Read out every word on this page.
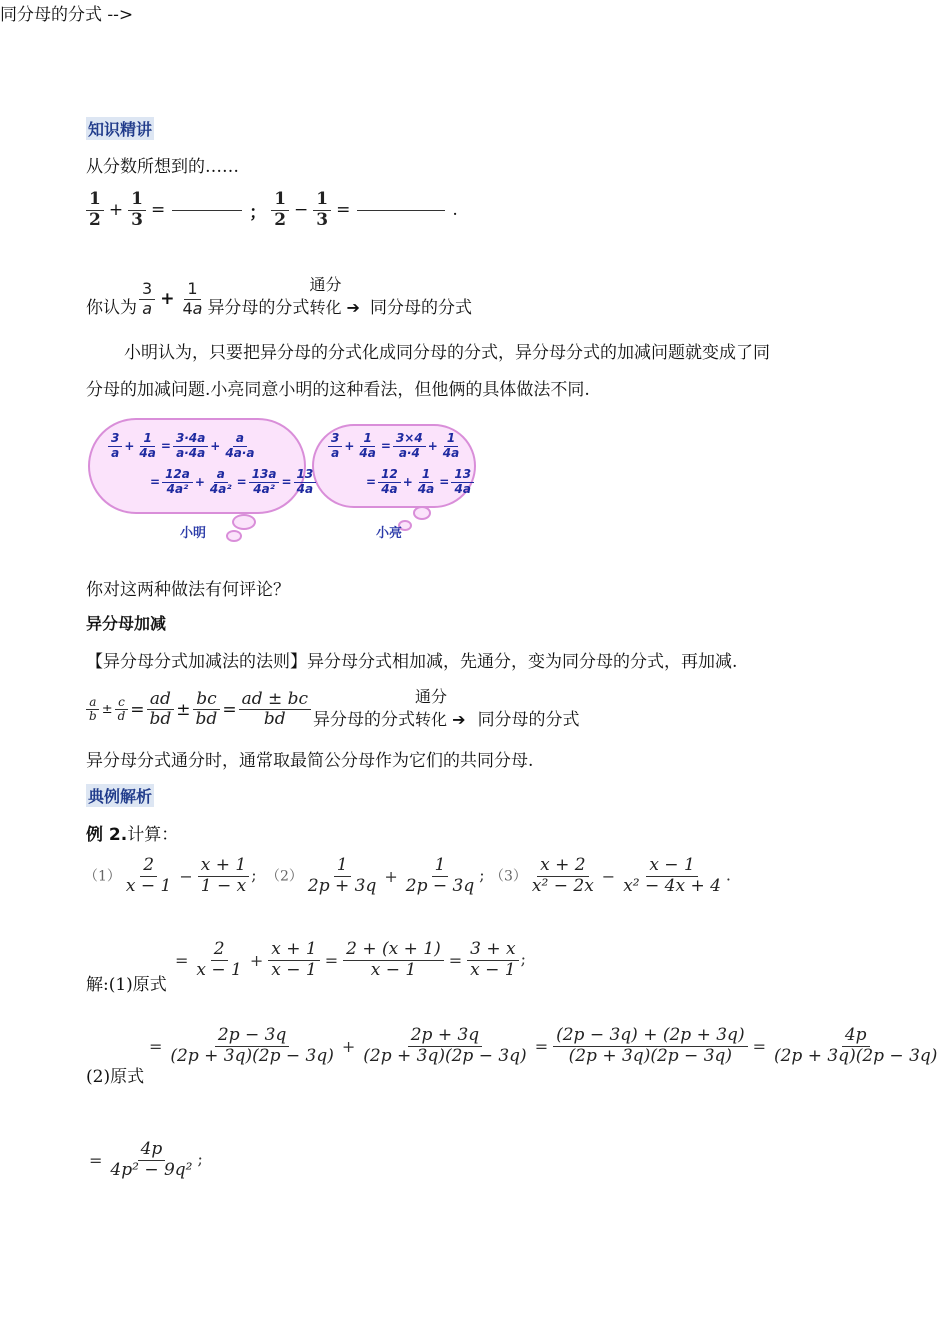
知识精讲
从分数所想到的……
$\frac{1}{2} + \frac{1}{3}$ =	； $\frac{1}{2} - \frac{1}{3}$ =	.
同分母的分式 -->
你认为 $\frac{3}{a} + \frac{1}{4a}$ 异分母的分式
通分
转化 ➔ 同分母的分式
小明认为，只要把异分母的分式化成同分母的分式，异分母分式的加减问题就变成了同
分母的加减问题.小亮同意小明的这种看法，但他俩的具体做法不同.
$\frac{3}{a} + \frac{1}{4a} = \frac{3\cdot 4a}{a\cdot 4a} + \frac{a}{4a\cdot a}$
= $\frac{12a}{\text{4a²}} + \frac{a}{\text{4a²}} = \frac{13a}{\text{4a²}} = \frac{13}{4a}$
$\frac{3}{a} + \frac{1}{4a} = \frac{3\times 4}{a\cdot 4} + \frac{1}{4a}$
= $\frac{12}{4a} + \frac{1}{4a} = \frac{13}{4a}$
小明	小亮
你对这两种做法有何评论？
异分母加减
【异分母分式加减法的法则】异分母分式相加减，先通分，变为同分母的分式，再加减.
$\frac{a}{b} \pm \frac{c}{d} = \frac{ad}{bd} \pm \frac{bc}{bd} = \frac{ad \pm bc}{bd}$ 异分母的分式
通分
转化 ➔ 同分母的分式
异分母分式通分时，通常取最简公分母作为它们的共同分母.
典例解析
例 2.计算：
$(1) \frac{2}{x - 1} - \frac{x + 1}{1 - x}$ ; $(2) \frac{1}{2p + 3q} + \frac{1}{2p - 3q}$ ; $(3) \frac{x + 2}{\text{x² − 2x}} - \frac{x - 1}{\text{x² − 4x + 4}}$ .
解:(1)原式
= $\frac{2}{x - 1} + \frac{x + 1}{x - 1} = \frac{2 + (x + 1)}{x - 1} = \frac{3 + x}{x - 1}$ ;
(2)原式
= $\frac{2p - 3q}{(2p + 3q)(2p - 3q)} + \frac{2p + 3q}{(2p + 3q)(2p - 3q)} = \frac{(2p - 3q) + (2p + 3q)}{(2p + 3q)(2p - 3q)} = \frac{4p}{(2p + 3q)(2p - 3q)}$
= $\frac{4p}{\text{4p² − 9q²}}$ ;
